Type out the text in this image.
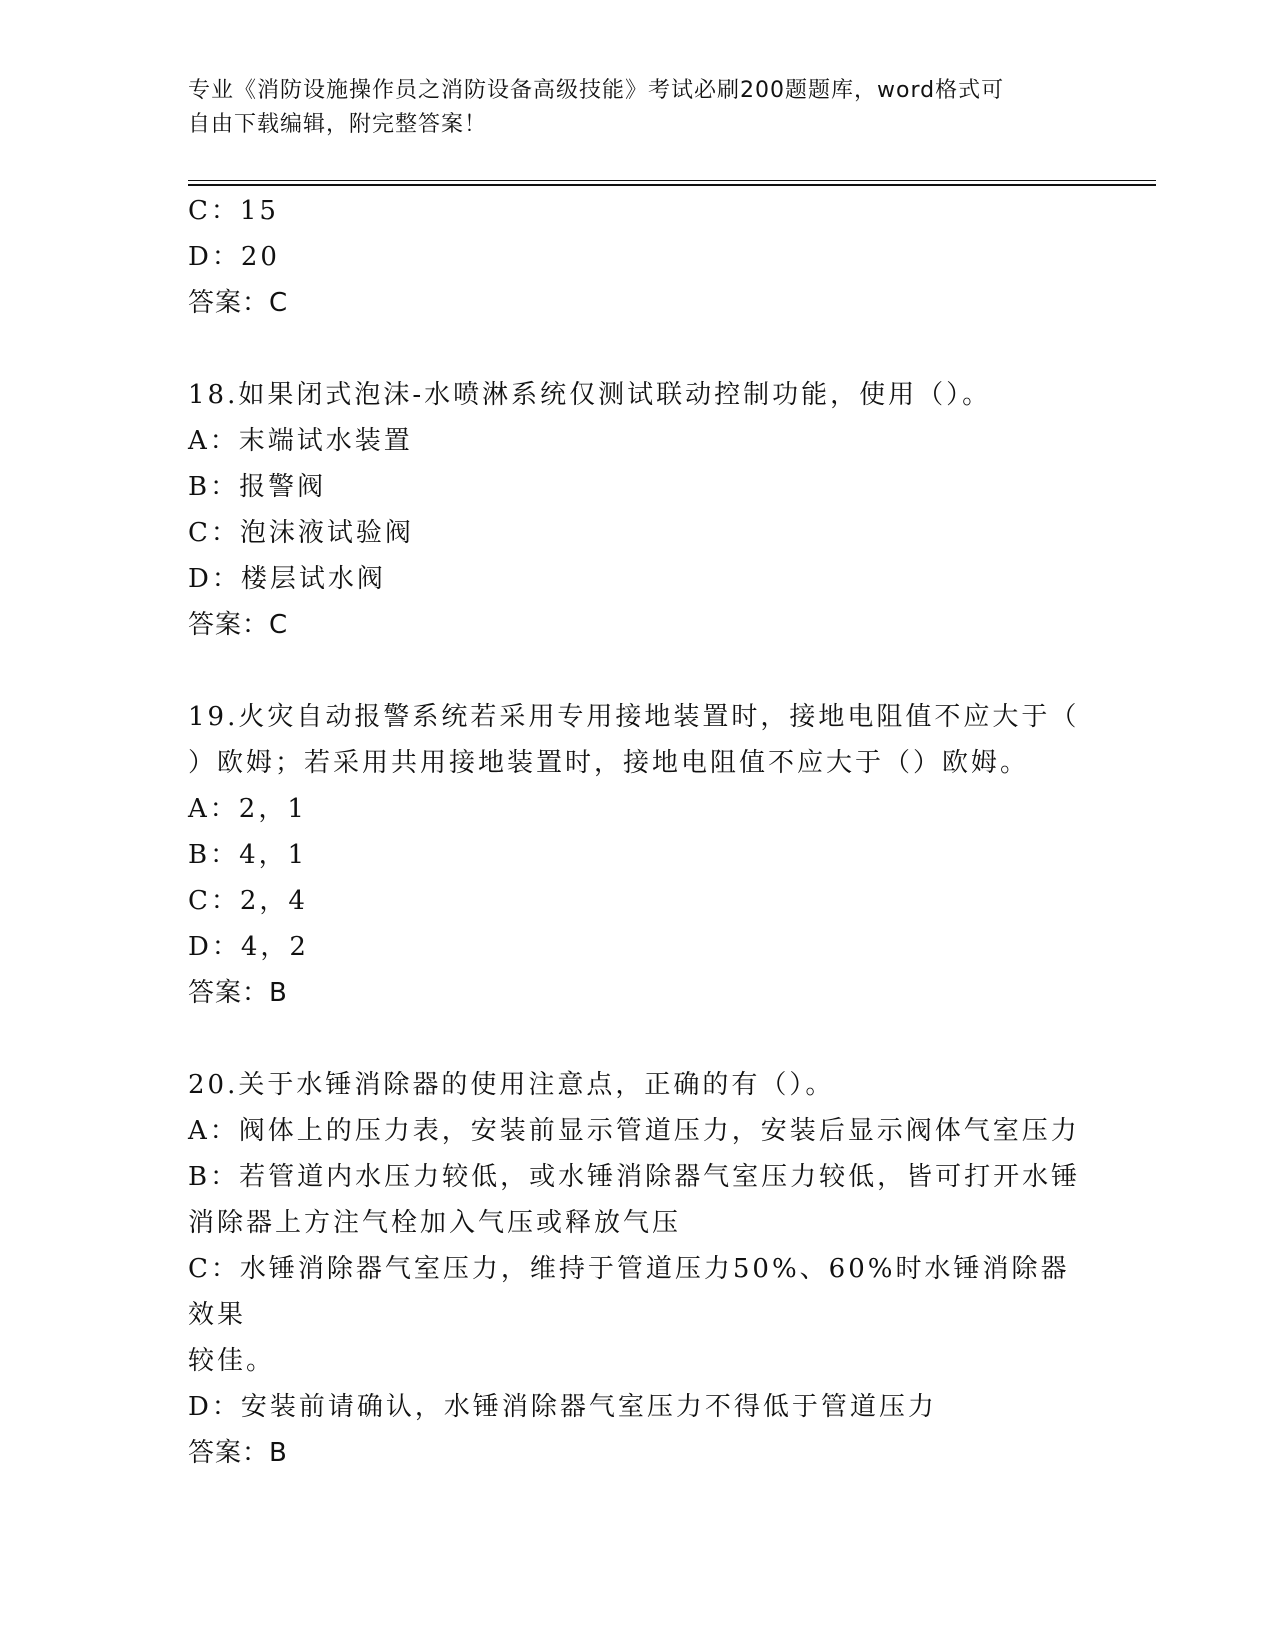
专业《消防设施操作员之消防设备高级技能》考试必刷200题题库，word格式可
自由下载编辑，附完整答案！
C：15
D：20
答案：C
18.如果闭式泡沫-水喷淋系统仅测试联动控制功能，使用（）。
A：末端试水装置
B：报警阀
C：泡沫液试验阀
D：楼层试水阀
答案：C
19.火灾自动报警系统若采用专用接地装置时，接地电阻值不应大于（
）欧姆；若采用共用接地装置时，接地电阻值不应大于（）欧姆。
A：2，1
B：4，1
C：2，4
D：4，2
答案：B
20.关于水锤消除器的使用注意点，正确的有（）。
A：阀体上的压力表，安装前显示管道压力，安装后显示阀体气室压力
B：若管道内水压力较低，或水锤消除器气室压力较低，皆可打开水锤
消除器上方注气栓加入气压或释放气压
C：水锤消除器气室压力，维持于管道压力50%、60%时水锤消除器效果
较佳。
D：安装前请确认，水锤消除器气室压力不得低于管道压力
答案：B
